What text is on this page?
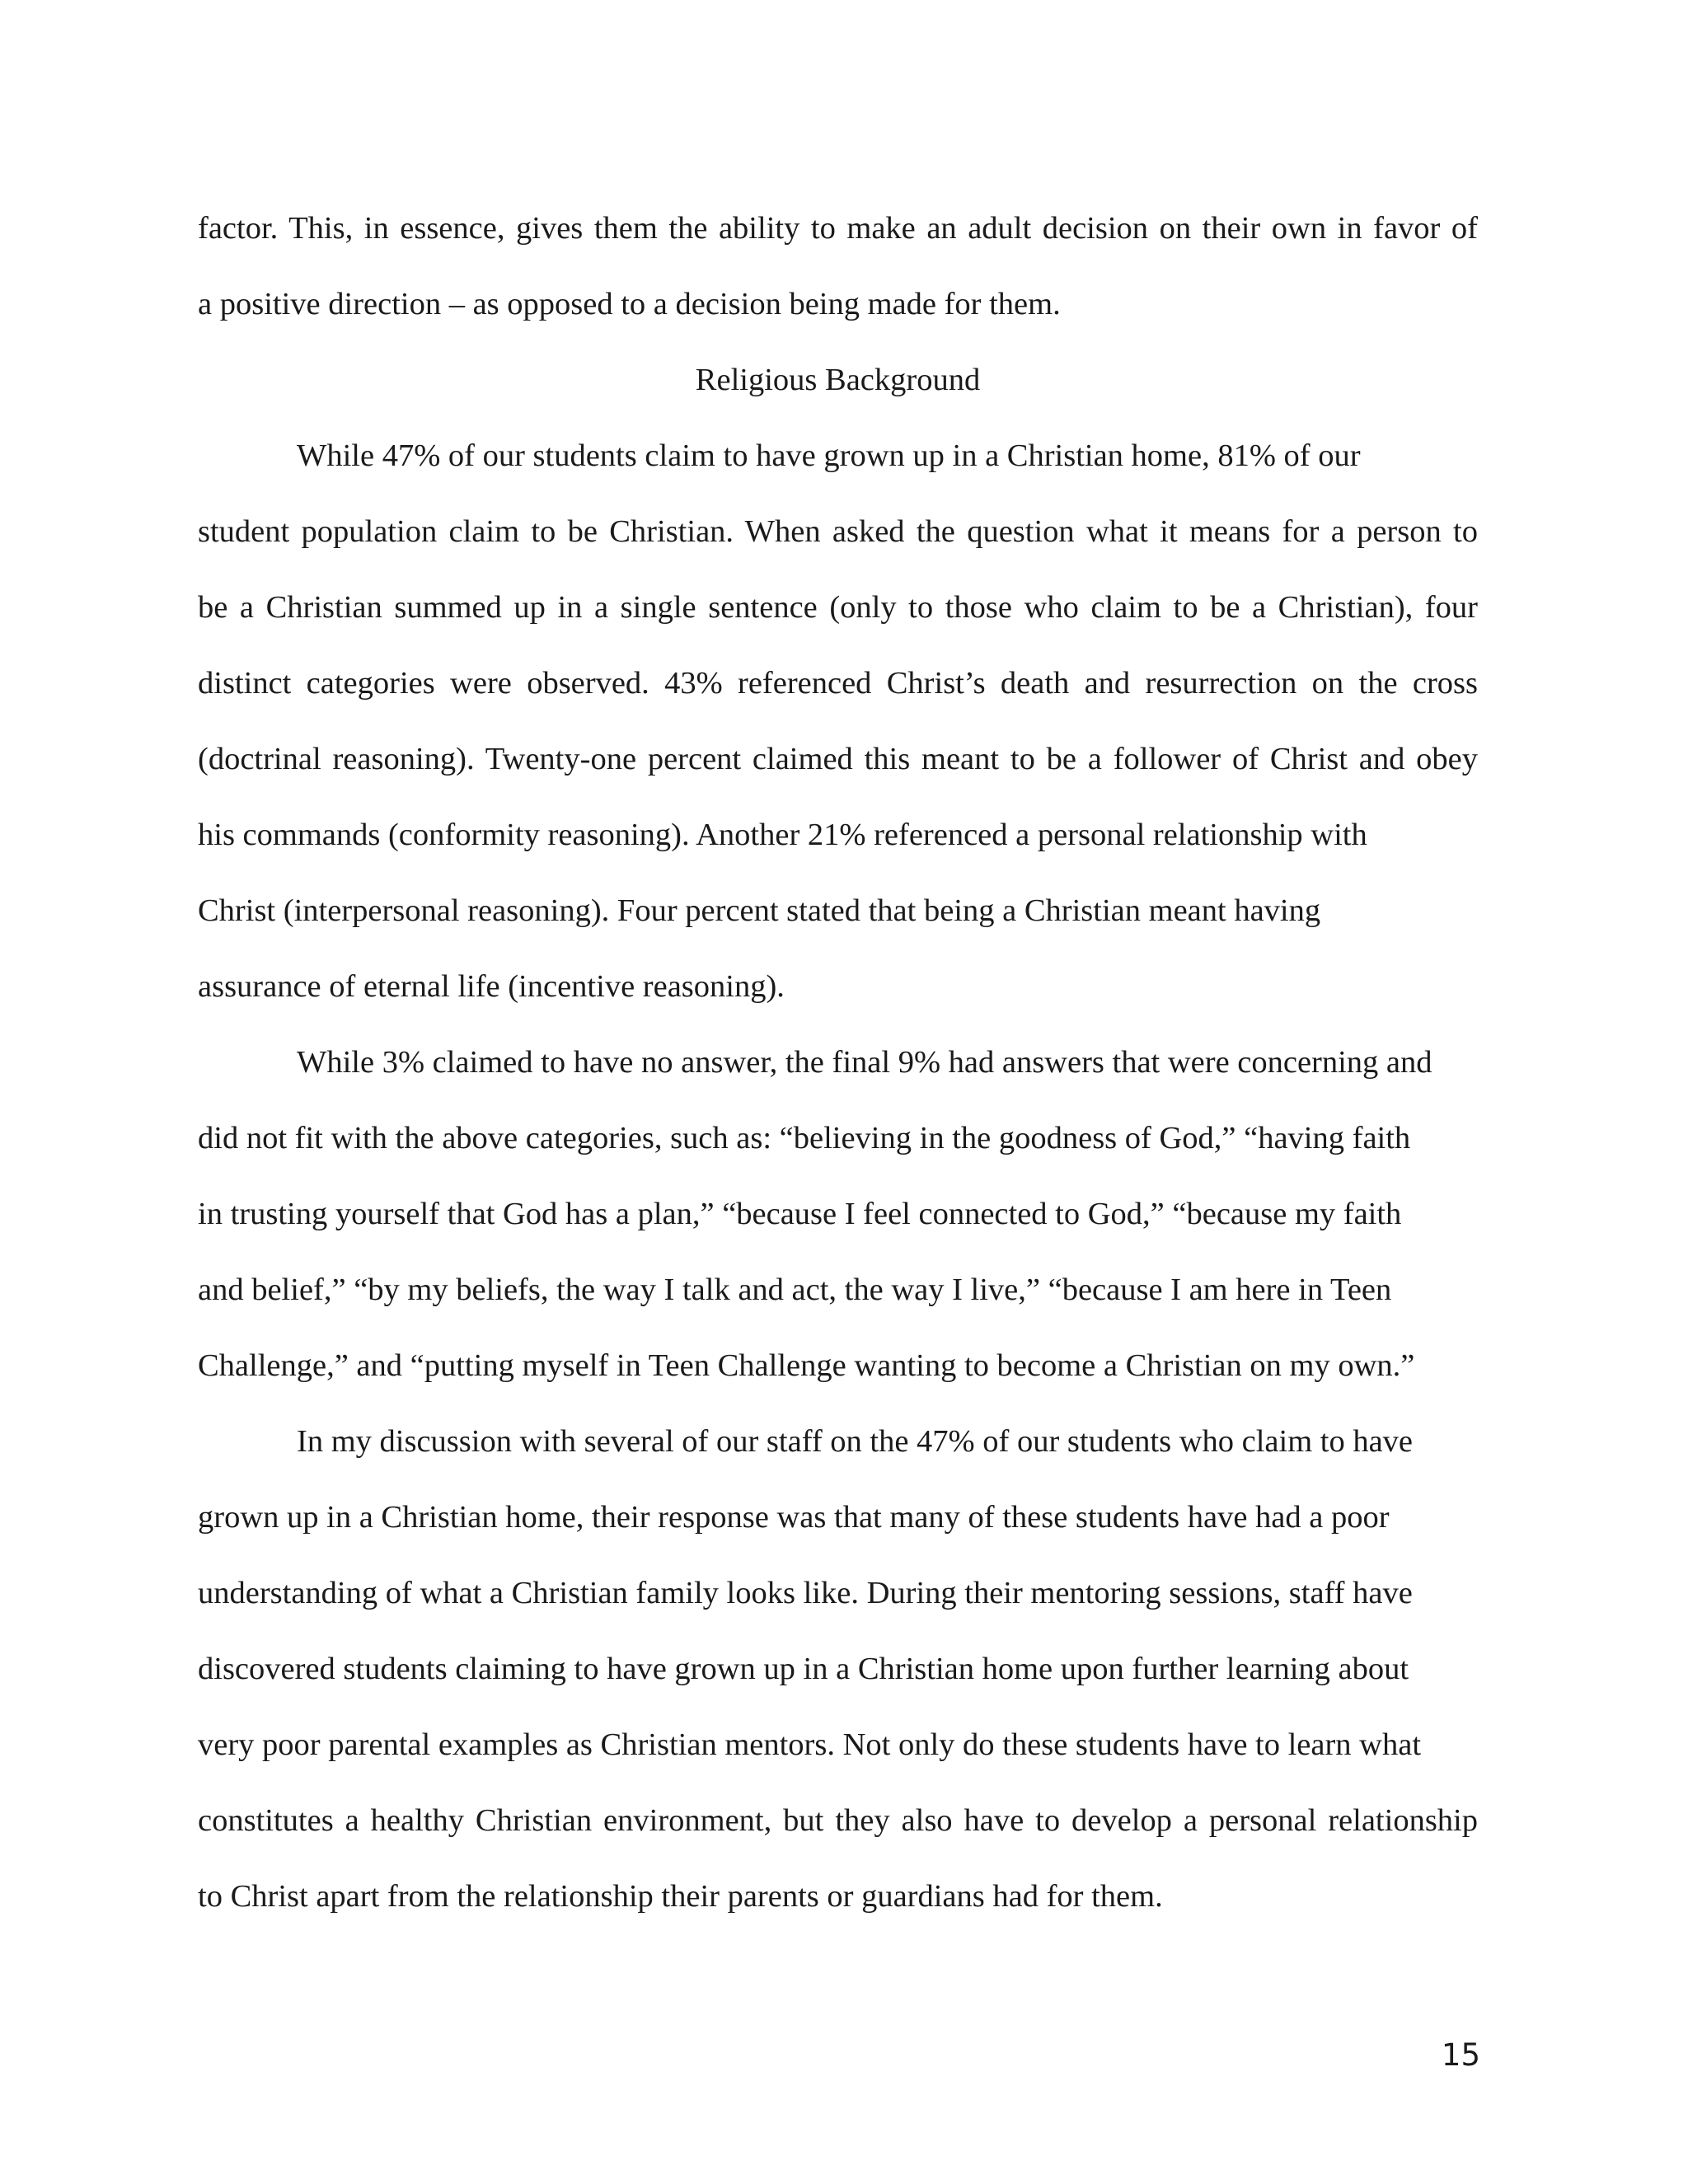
factor. This, in essence, gives them the ability to make an adult decision on their own in favor of
a positive direction – as opposed to a decision being made for them.
Religious Background
While 47% of our students claim to have grown up in a Christian home, 81% of our
student population claim to be Christian. When asked the question what it means for a person to
be a Christian summed up in a single sentence (only to those who claim to be a Christian), four
distinct categories were observed. 43% referenced Christ’s death and resurrection on the cross
(doctrinal reasoning). Twenty-one percent claimed this meant to be a follower of Christ and obey
his commands (conformity reasoning). Another 21% referenced a personal relationship with
Christ (interpersonal reasoning). Four percent stated that being a Christian meant having
assurance of eternal life (incentive reasoning).
While 3% claimed to have no answer, the final 9% had answers that were concerning and
did not fit with the above categories, such as: “believing in the goodness of God,” “having faith
in trusting yourself that God has a plan,” “because I feel connected to God,” “because my faith
and belief,” “by my beliefs, the way I talk and act, the way I live,” “because I am here in Teen
Challenge,” and “putting myself in Teen Challenge wanting to become a Christian on my own.”
In my discussion with several of our staff on the 47% of our students who claim to have
grown up in a Christian home, their response was that many of these students have had a poor
understanding of what a Christian family looks like. During their mentoring sessions, staff have
discovered students claiming to have grown up in a Christian home upon further learning about
very poor parental examples as Christian mentors. Not only do these students have to learn what
constitutes a healthy Christian environment, but they also have to develop a personal relationship
to Christ apart from the relationship their parents or guardians had for them.
15
